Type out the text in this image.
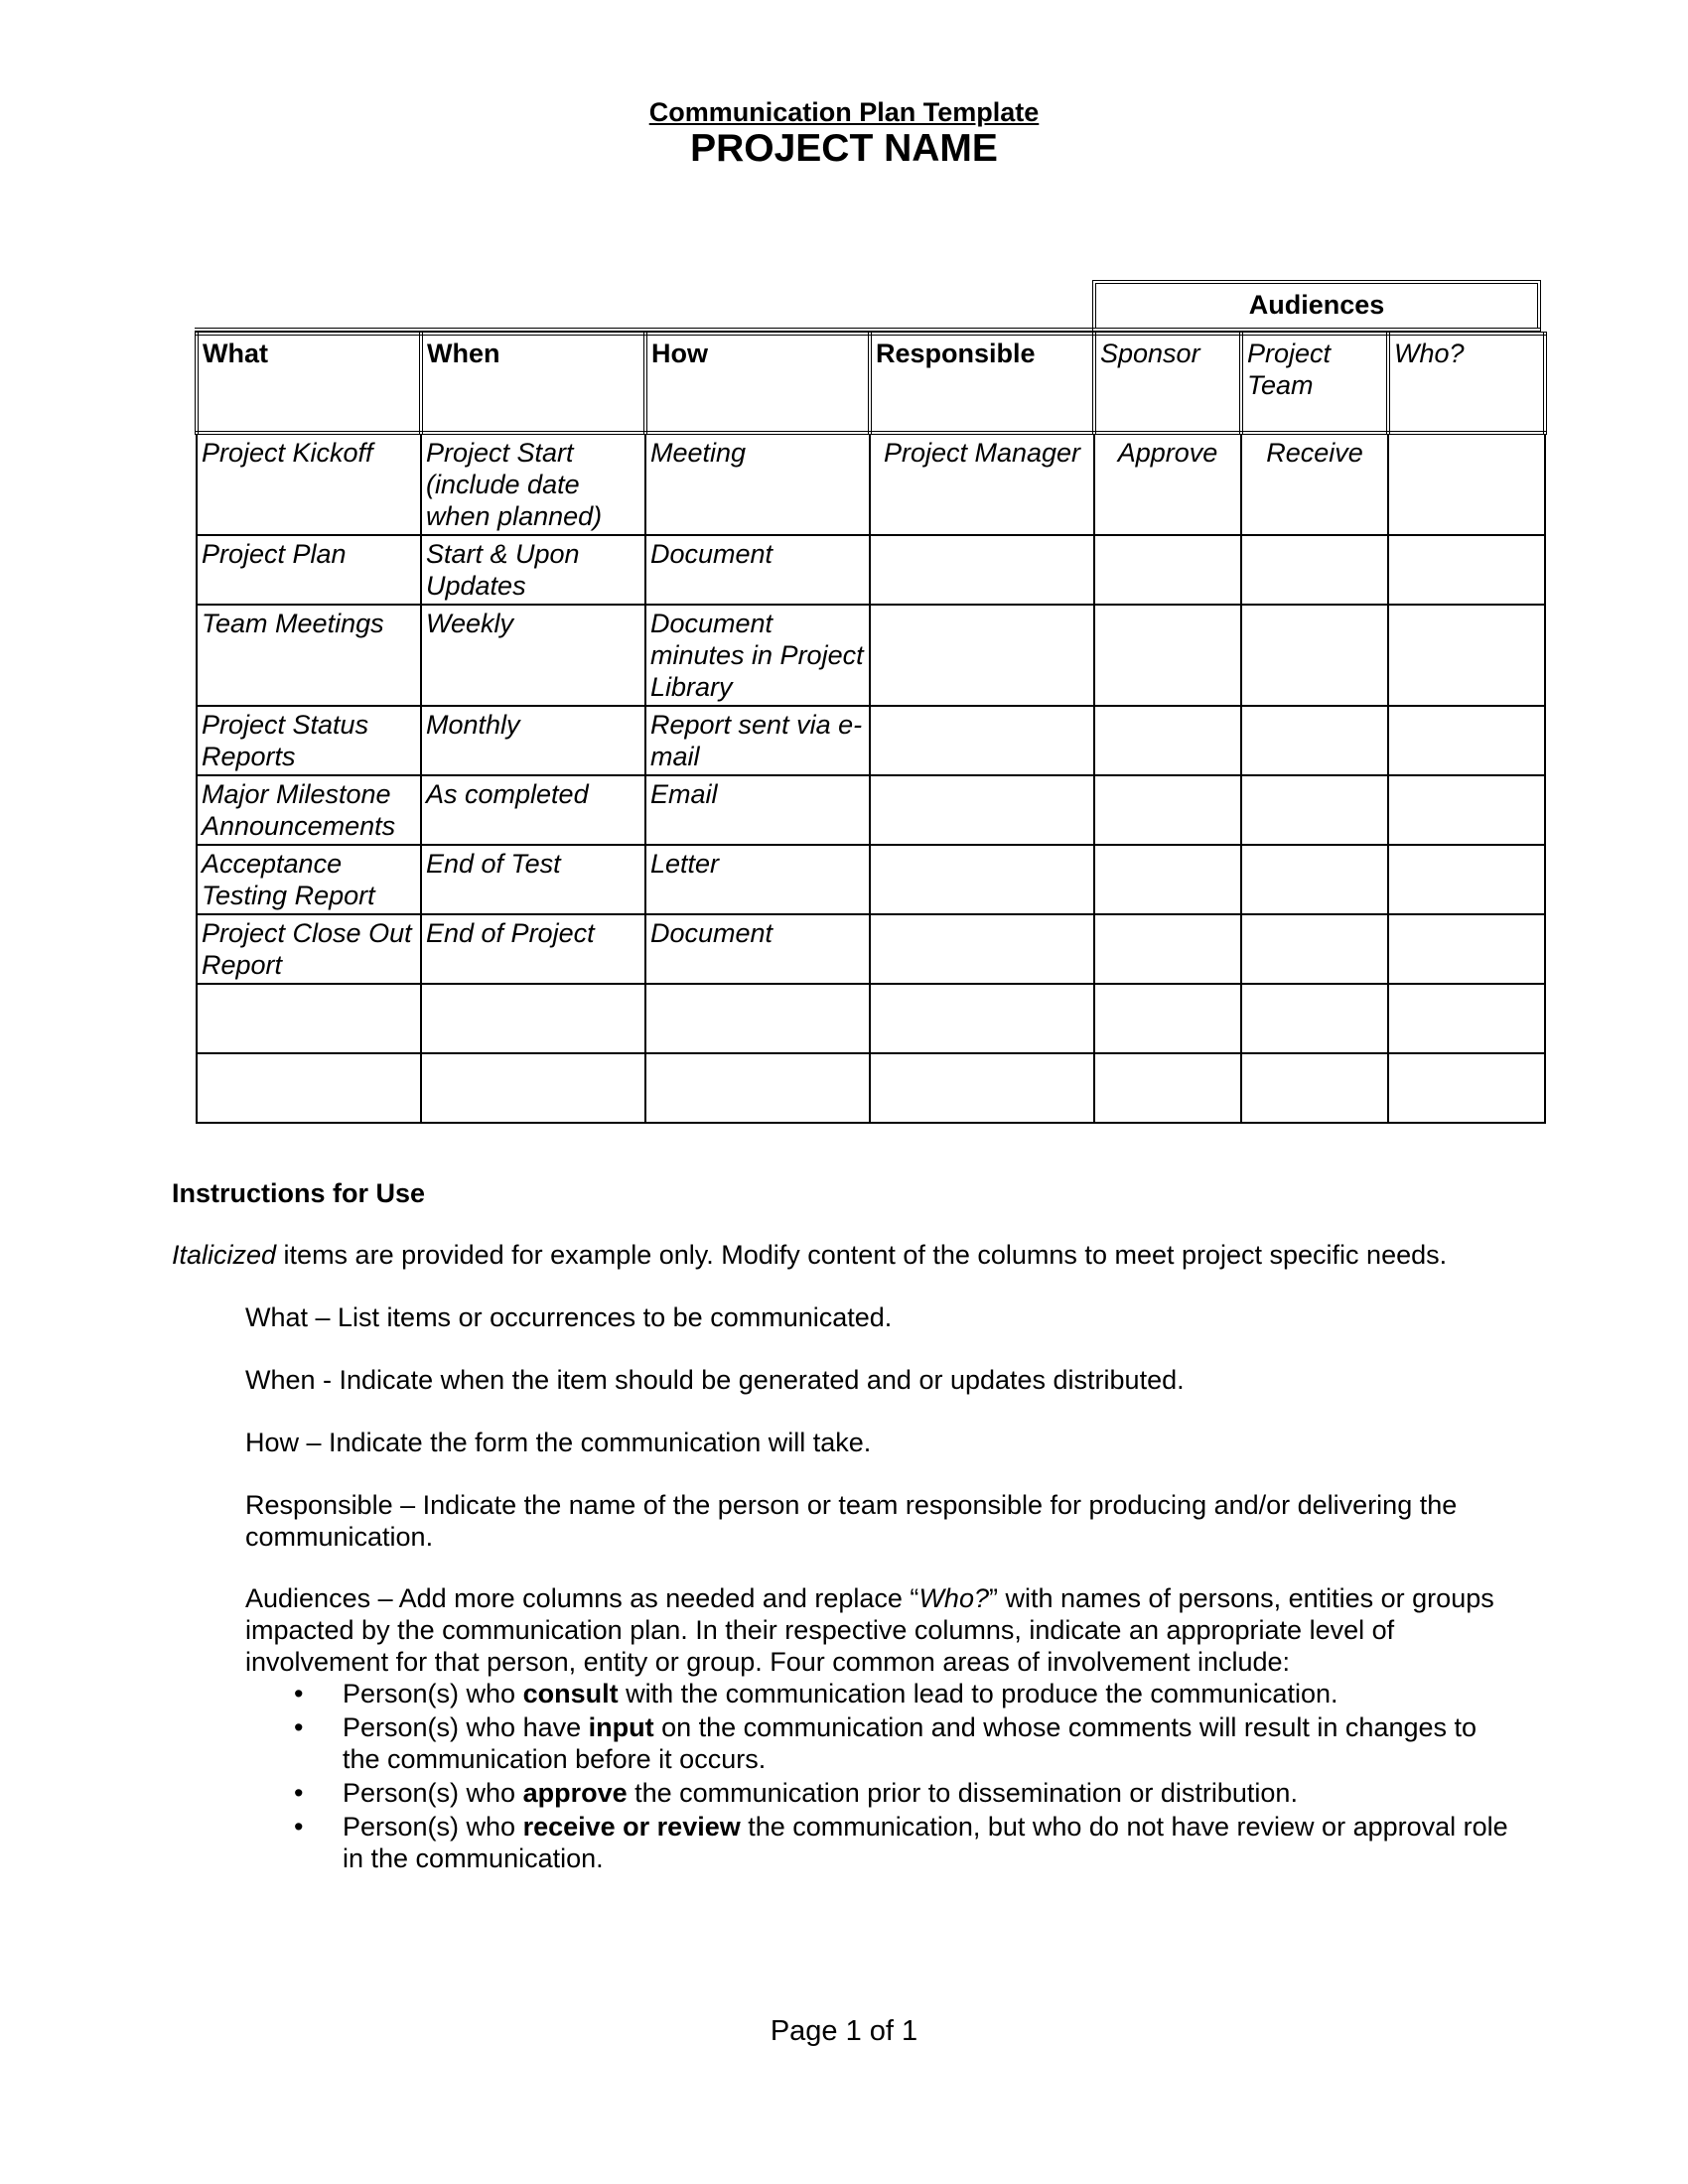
Communication Plan Template
PROJECT NAME
Audiences
What	When	How	Responsible	Sponsor	Project Team	Who?
Project Kickoff	Project Start (include date when planned)	Meeting	Project Manager	Approve	Receive	
Project Plan	Start & Upon Updates	Document				
Team Meetings	Weekly	Document minutes in Project Library				
Project Status Reports	Monthly	Report sent via e-mail				
Major Milestone Announcements	As completed	Email				
Acceptance Testing Report	End of Test	Letter				
Project Close Out Report	End of Project	Document				

Instructions for Use
Italicized items are provided for example only. Modify content of the columns to meet project specific needs.
What – List items or occurrences to be communicated.
When - Indicate when the item should be generated and or updates distributed.
How – Indicate the form the communication will take.
Responsible – Indicate the name of the person or team responsible for producing and/or delivering the communication.
Audiences – Add more columns as needed and replace “Who?” with names of persons, entities or groups impacted by the communication plan. In their respective columns, indicate an appropriate level of involvement for that person, entity or group. Four common areas of involvement include:
• Person(s) who consult with the communication lead to produce the communication.
• Person(s) who have input on the communication and whose comments will result in changes to the communication before it occurs.
• Person(s) who approve the communication prior to dissemination or distribution.
• Person(s) who receive or review the communication, but who do not have review or approval role in the communication.
Page 1 of 1
